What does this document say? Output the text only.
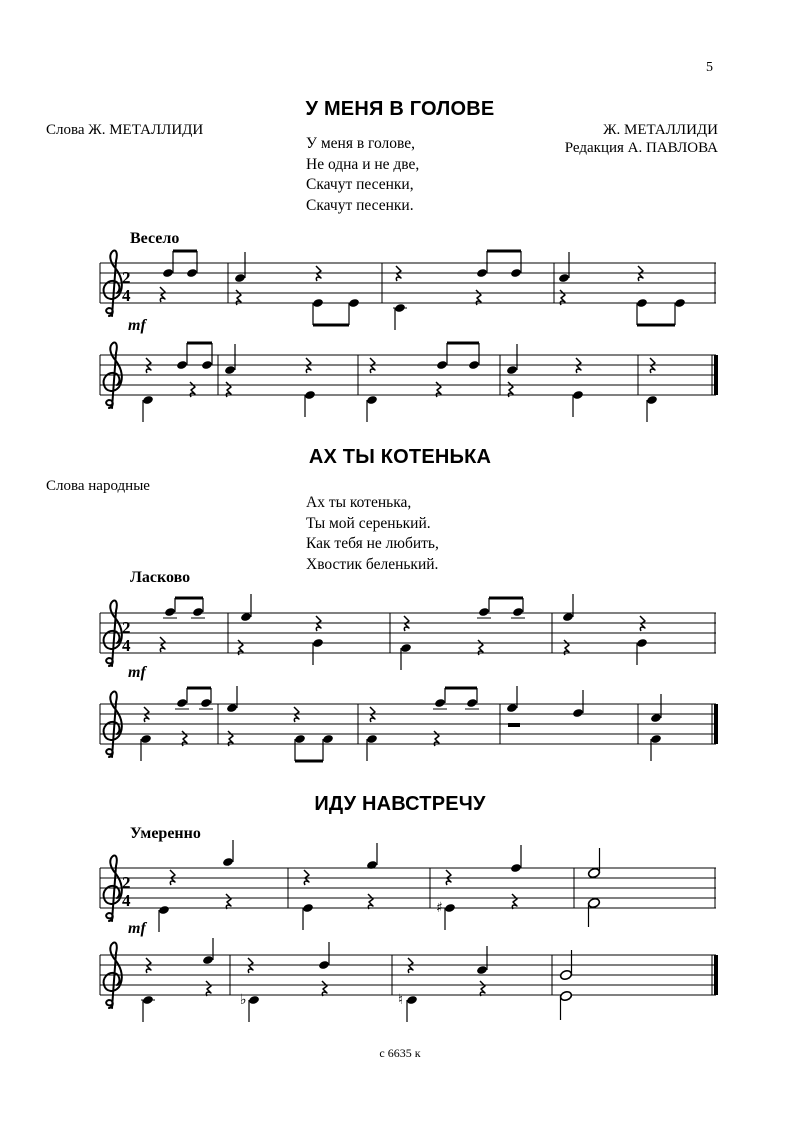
5
У МЕНЯ В ГОЛОВЕ
Слова Ж. МЕТАЛЛИДИ	Ж. МЕТАЛЛИДИ
Редакция А. ПАВЛОВА
У меня в голове,
Не одна и не две,
Скачут песенки,
Скачут песенки.
Весело
АХ ТЫ КОТЕНЬКА
Слова народные
Ах ты котенька,
Ты мой серенький.
Как тебя не любить,
Хвостик беленький.
Ласково
ИДУ НАВСТРЕЧУ
Умеренно
с 6635 к
2
4
mf
2
4
mf
2
4
mf
♯
♭	♮
